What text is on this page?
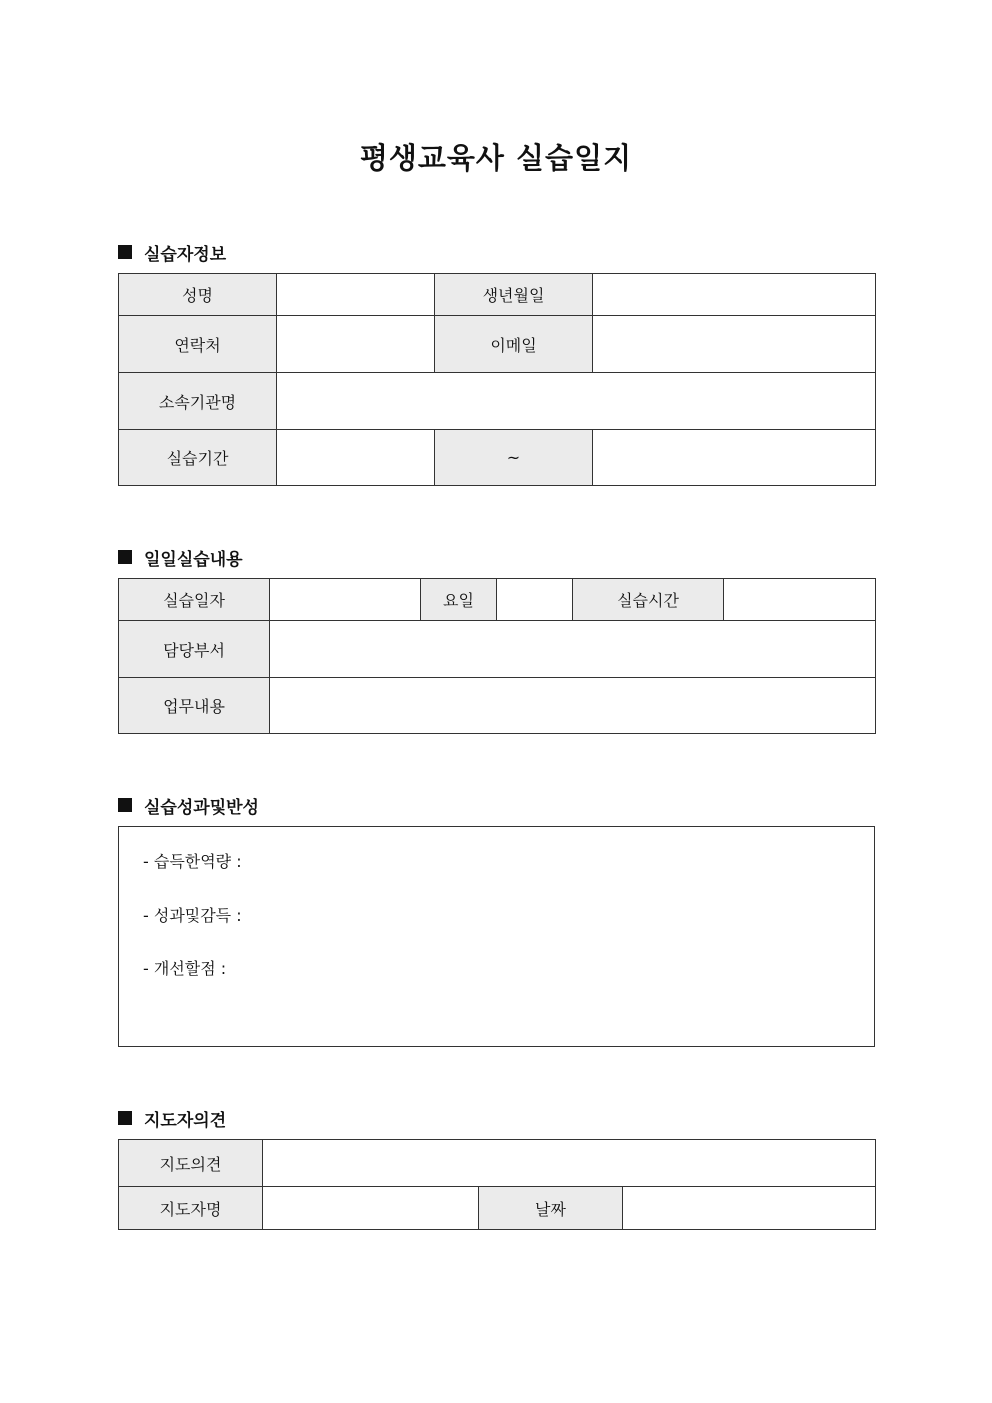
평생교육사 실습일지
실습자정보
성명		생년월일	
연락처		이메일	
소속기관명			
실습기간		~	
일일실습내용
실습일자		요일		실습시간	
담당부서					
업무내용					
실습성과및반성
- 습득한역량 :
- 성과및감득 :
- 개선할점 :
지도자의견
지도의견			
지도자명		날짜	
